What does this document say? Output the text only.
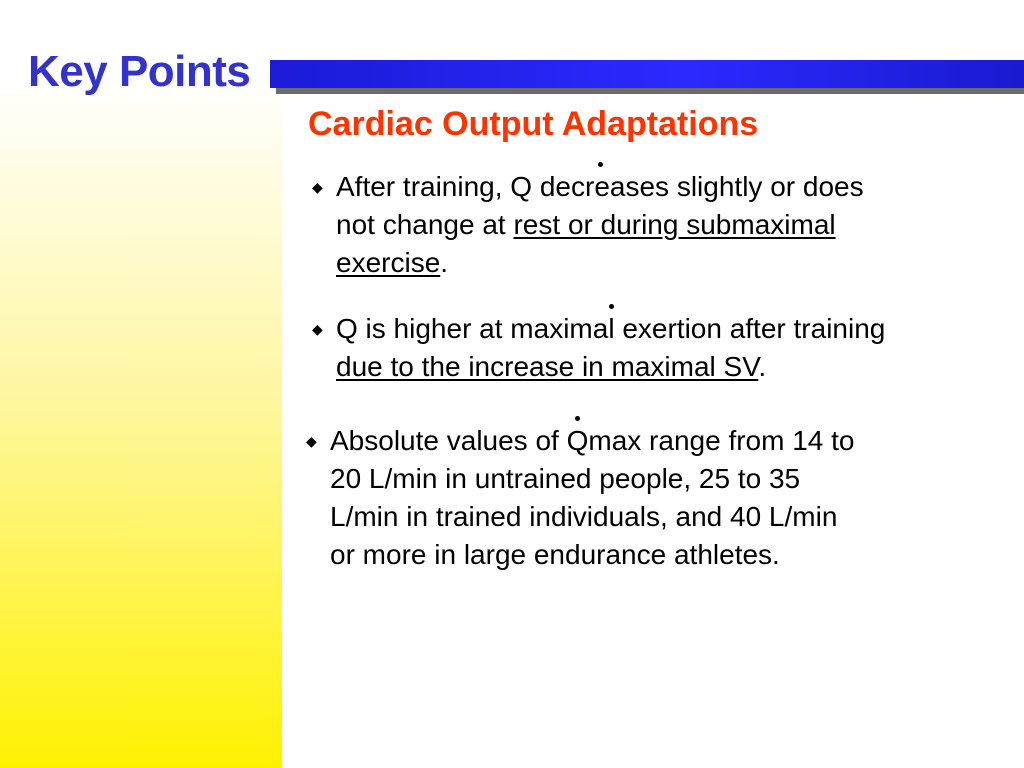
Key Points
Cardiac Output Adaptations
◆ After training, Q decreases slightly or does
not change at rest or during submaximal
exercise.
◆ Q is higher at maximal exertion after training
due to the increase in maximal SV.
◆ Absolute values of Qmax range from 14 to
20 L/min in untrained people, 25 to 35
L/min in trained individuals, and 40 L/min
or more in large endurance athletes.
